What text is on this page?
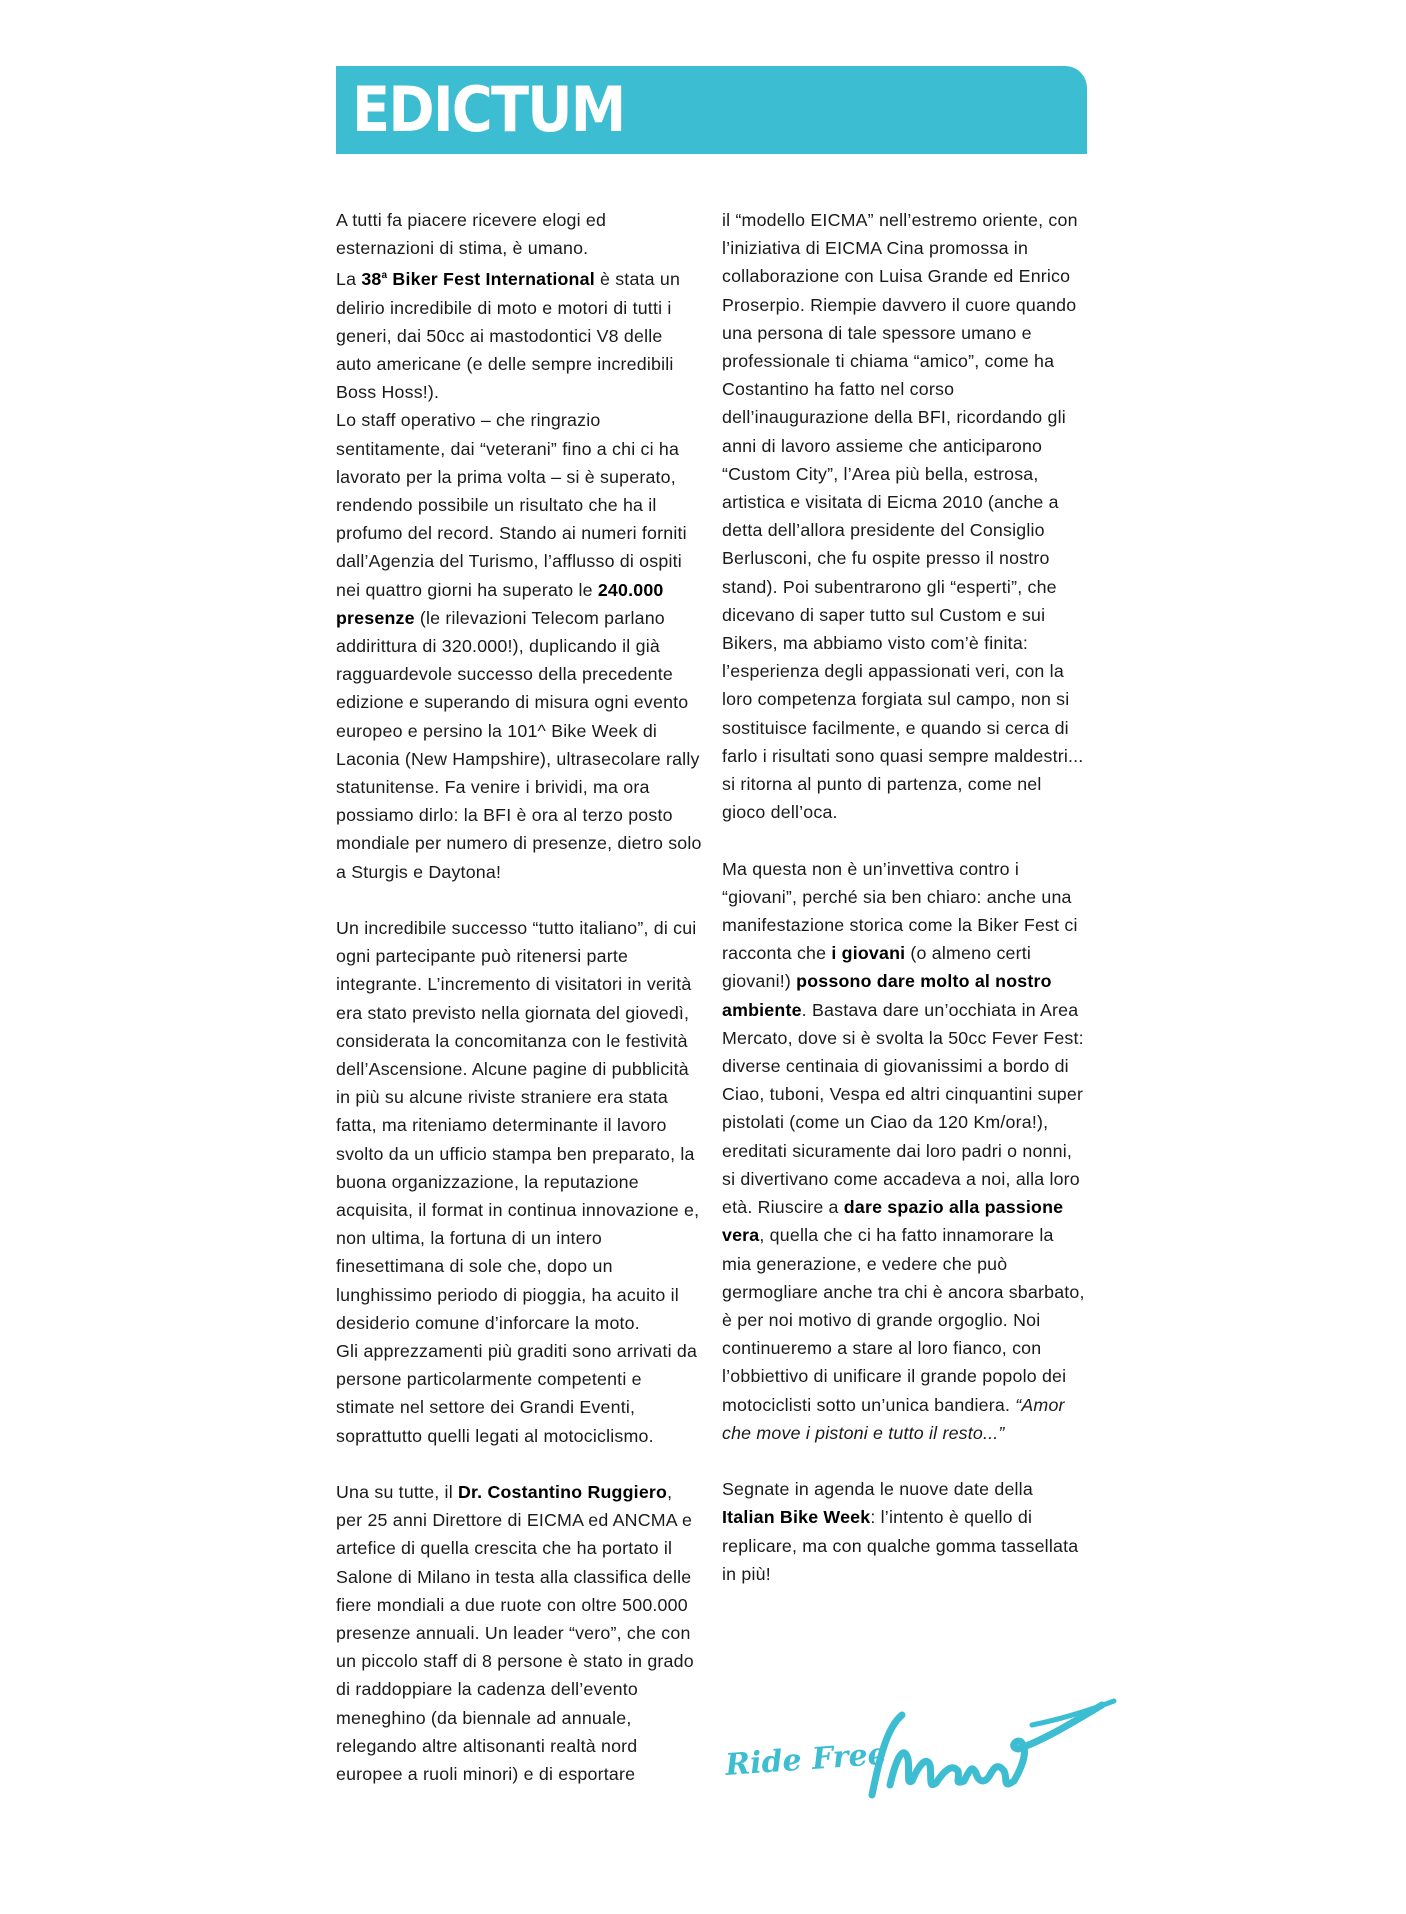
EDICTUM

A tutti fa piacere ricevere elogi ed esternazioni di stima, è umano.

La 38$^a$ Biker Fest International è stata un delirio incredibile di moto e motori di tutti i generi, dai 50cc ai mastodontici V8 delle auto americane (e delle sempre incredibili Boss Hoss!).

Lo staff operativo – che ringrazio sentitamente, dai “veterani” fino a chi ci ha lavorato per la prima volta – si è superato, rendendo possibile un risultato che ha il profumo del record. Stando ai numeri forniti dall’Agenzia del Turismo, l’afflusso di ospiti nei quattro giorni ha superato le 240.000 presenze (le rilevazioni Telecom parlano addirittura di 320.000!), duplicando il già ragguardevole successo della precedente edizione e superando di misura ogni evento europeo e persino la 101^ Bike Week di Laconia (New Hampshire), ultrasecolare rally statunitense. Fa venire i brividi, ma ora possiamo dirlo: la BFI è ora al terzo posto mondiale per numero di presenze, dietro solo a Sturgis e Daytona!

Un incredibile successo “tutto italiano”, di cui ogni partecipante può ritenersi parte integrante. L’incremento di visitatori in verità era stato previsto nella giornata del giovedì, considerata la concomitanza con le festività dell’Ascensione. Alcune pagine di pubblicità in più su alcune riviste straniere era stata fatta, ma riteniamo determinante il lavoro svolto da un ufficio stampa ben preparato, la buona organizzazione, la reputazione acquisita, il format in continua innovazione e, non ultima, la fortuna di un intero finesettimana di sole che, dopo un lunghissimo periodo di pioggia, ha acuito il desiderio comune d’inforcare la moto.

Gli apprezzamenti più graditi sono arrivati da persone particolarmente competenti e stimate nel settore dei Grandi Eventi, soprattutto quelli legati al motociclismo.

Una su tutte, il Dr. Costantino Ruggiero, per 25 anni Direttore di EICMA ed ANCMA e artefice di quella crescita che ha portato il Salone di Milano in testa alla classifica delle fiere mondiali a due ruote con oltre 500.000 presenze annuali. Un leader “vero”, che con un piccolo staff di 8 persone è stato in grado di raddoppiare la cadenza dell’evento meneghino (da biennale ad annuale, relegando altre altisonanti realtà nord europee a ruoli minori) e di esportare

il “modello EICMA” nell’estremo oriente, con l’iniziativa di EICMA Cina promossa in collaborazione con Luisa Grande ed Enrico Proserpio. Riempie davvero il cuore quando una persona di tale spessore umano e professionale ti chiama “amico”, come ha Costantino ha fatto nel corso dell’inaugurazione della BFI, ricordando gli anni di lavoro assieme che anticiparono “Custom City”, l’Area più bella, estrosa, artistica e visitata di Eicma 2010 (anche a detta dell’allora presidente del Consiglio Berlusconi, che fu ospite presso il nostro stand). Poi subentrarono gli “esperti”, che dicevano di saper tutto sul Custom e sui Bikers, ma abbiamo visto com’è finita: l’esperienza degli appassionati veri, con la loro competenza forgiata sul campo, non si sostituisce facilmente, e quando si cerca di farlo i risultati sono quasi sempre maldestri... si ritorna al punto di partenza, come nel gioco dell’oca.

Ma questa non è un’invettiva contro i “giovani”, perché sia ben chiaro: anche una manifestazione storica come la Biker Fest ci racconta che i giovani (o almeno certi giovani!) possono dare molto al nostro ambiente. Bastava dare un’occhiata in Area Mercato, dove si è svolta la 50cc Fever Fest: diverse centinaia di giovanissimi a bordo di Ciao, tuboni, Vespa ed altri cinquantini super pistolati (come un Ciao da 120 Km/ora!), ereditati sicuramente dai loro padri o nonni, si divertivano come accadeva a noi, alla loro età. Riuscire a dare spazio alla passione vera, quella che ci ha fatto innamorare la mia generazione, e vedere che può germogliare anche tra chi è ancora sbarbato, è per noi motivo di grande orgoglio. Noi continueremo a stare al loro fianco, con l’obbiettivo di unificare il grande popolo dei motociclisti sotto un’unica bandiera. “Amor che move i pistoni e tutto il resto...”

Segnate in agenda le nuove date della Italian Bike Week: l’intento è quello di replicare, ma con qualche gomma tassellata in più!

Ride Free
